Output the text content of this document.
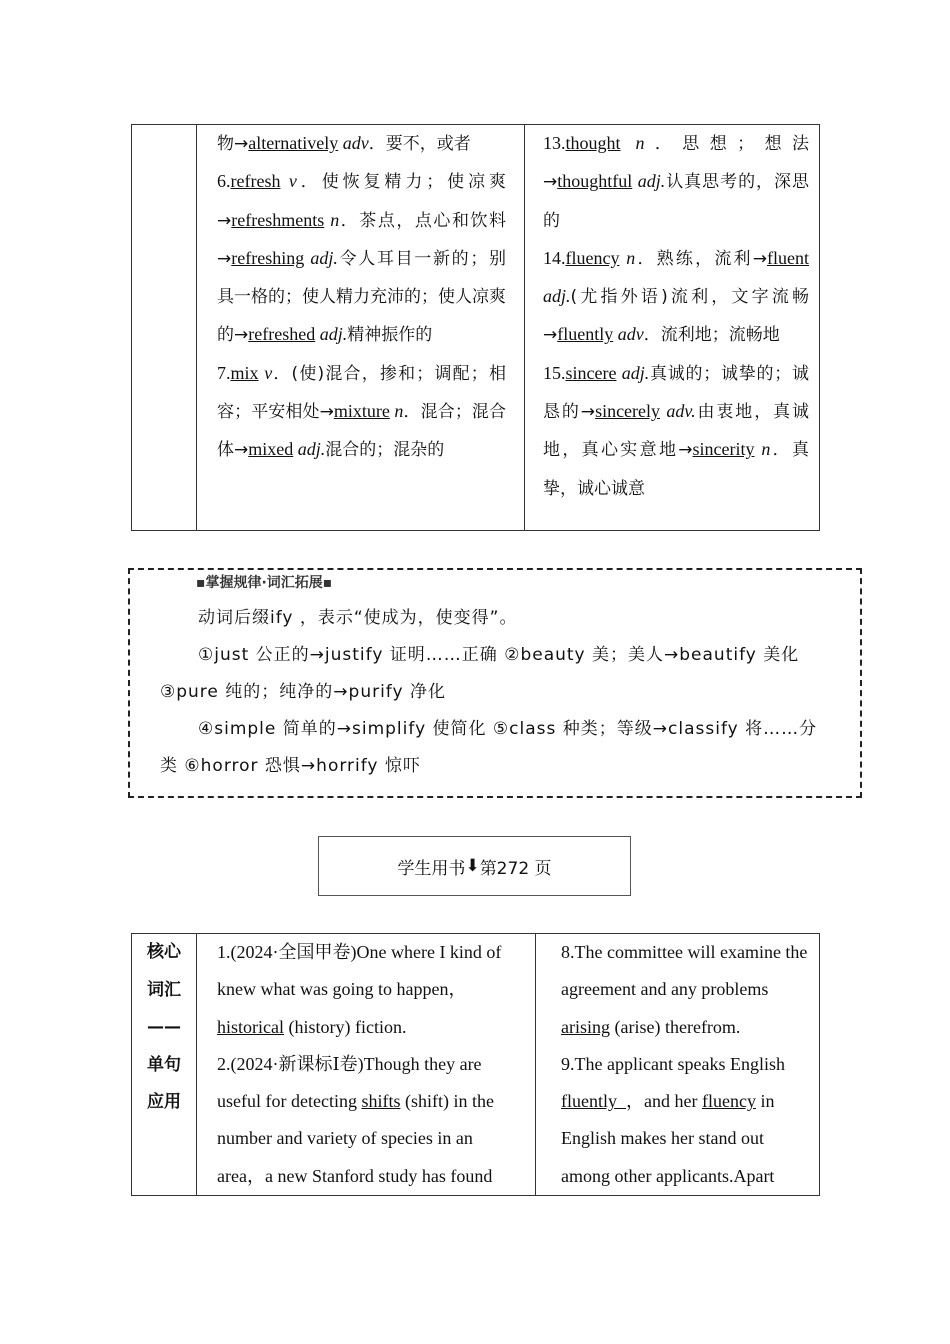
物→alternatively adv．要不，或者
6.refresh v．使恢复精力；使凉爽→refreshments n．茶点，点心和饮料→refreshing adj.令人耳目一新的；别具一格的；使人精力充沛的；使人凉爽的→refreshed adj.精神振作的
7.mix v．(使)混合，掺和；调配；相容；平安相处→mixture n．混合；混合体→mixed adj.混合的；混杂的

13.thought n．思想；想法→thoughtful adj.认真思考的，深思的
14.fluency n．熟练，流利→fluent adj.(尤指外语)流利，文字流畅→fluently adv．流利地；流畅地
15.sincere adj.真诚的；诚挚的；诚恳的→sincerely adv.由衷地，真诚地，真心实意地→sincerity n．真挚，诚心诚意
▪掌握规律·词汇拓展▪
动词后缀ify ，表示“使成为，使变得”。
①just 公正的→justify 证明……正确 ②beauty 美；美人→beautify 美化
③pure 纯的；纯净的→purify 净化
④simple 简单的→simplify 使简化 ⑤class 种类；等级→classify 将……分
类 ⑥horror 恐惧→horrify 惊吓
学生用书 ⬇ 第272 页
核心
词汇
——
单句
应用

1.(2024·全国甲卷)One where I kind of knew what was going to happen，historical (history) fiction.
2.(2024·新课标Ⅰ卷)Though they are useful for detecting shifts (shift) in the number and variety of species in an area，a new Stanford study has found

8.The committee will examine the agreement and any problems arising (arise) therefrom.
9.The applicant speaks English fluently  ，and her fluency in English makes her stand out among other applicants.Apart
